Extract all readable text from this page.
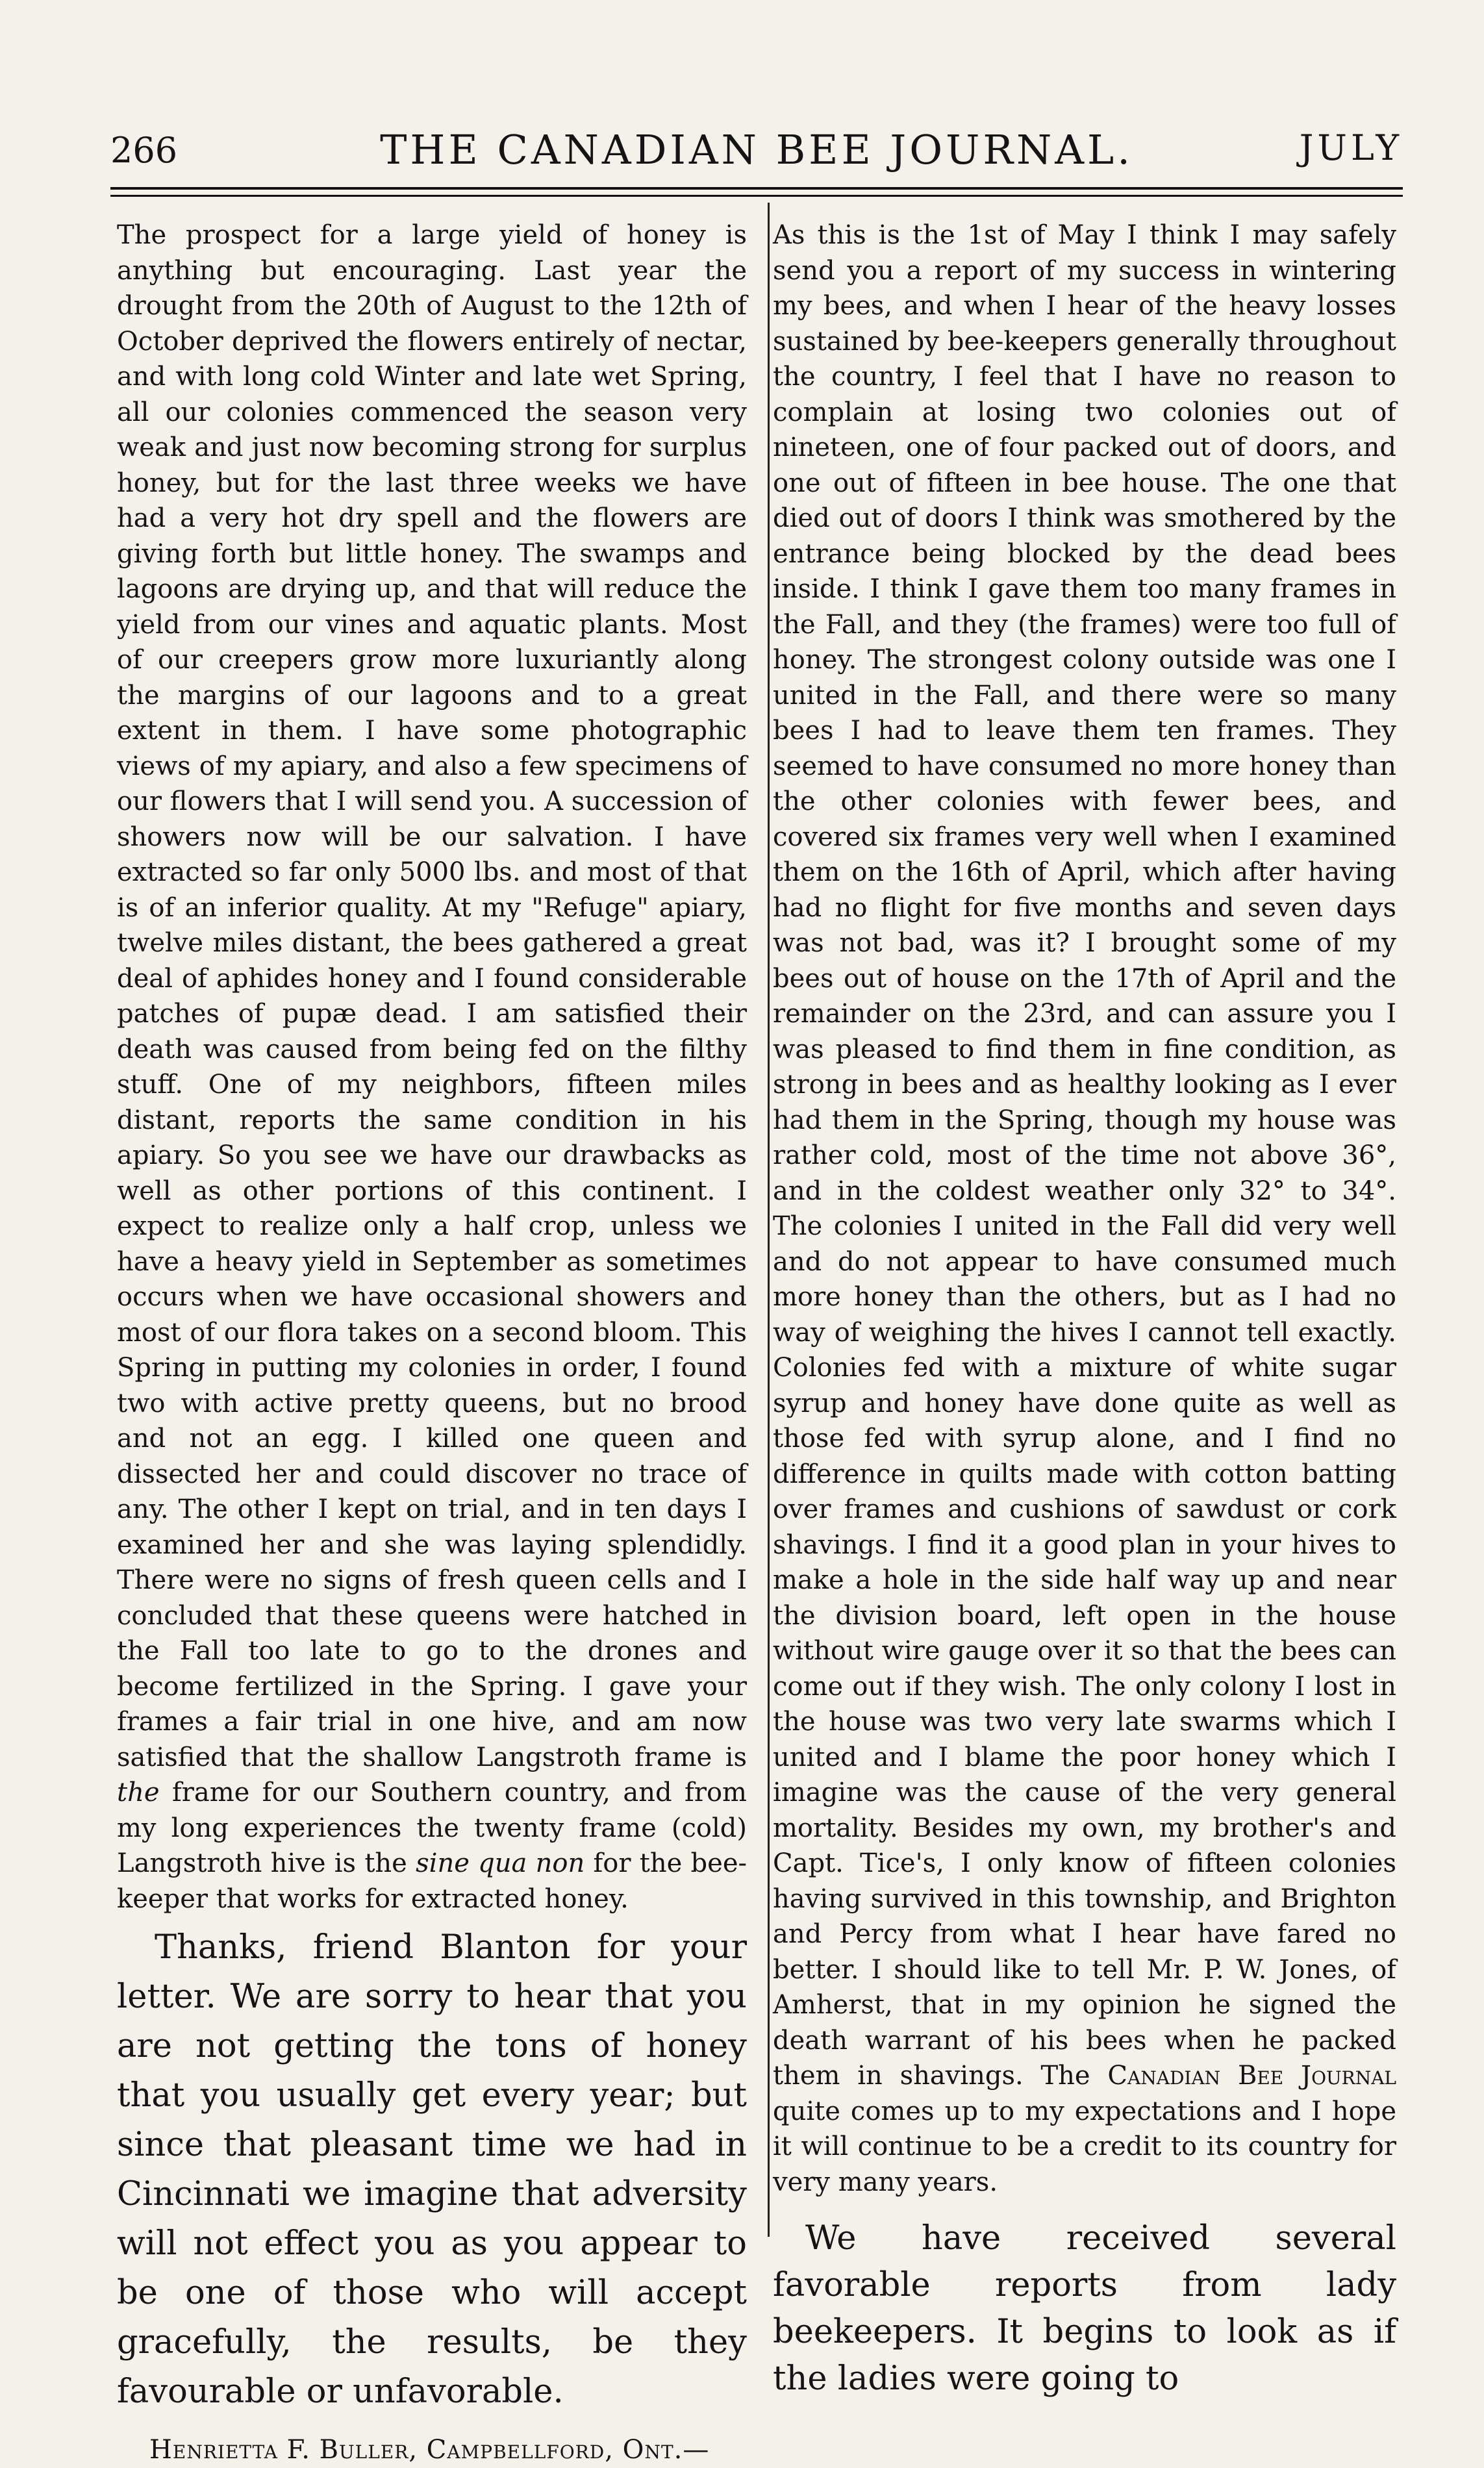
266	THE CANADIAN BEE JOURNAL.	JULY

The prospect for a large yield of honey is anything but encouraging. Last year the drought from the 20th of August to the 12th of October deprived the flowers entirely of nectar, and with long cold Winter and late wet Spring, all our colonies commenced the season very weak and just now becoming strong for surplus honey, but for the last three weeks we have had a very hot dry spell and the flowers are giving forth but little honey. The swamps and lagoons are drying up, and that will reduce the yield from our vines and aquatic plants. Most of our creepers grow more luxuriantly along the margins of our lagoons and to a great extent in them. I have some photographic views of my apiary, and also a few specimens of our flowers that I will send you. A succession of showers now will be our salvation. I have extracted so far only 5000 lbs. and most of that is of an inferior quality. At my "Refuge" apiary, twelve miles distant, the bees gathered a great deal of aphides honey and I found considerable patches of pupæ dead. I am satisfied their death was caused from being fed on the filthy stuff. One of my neighbors, fifteen miles distant, reports the same condition in his apiary. So you see we have our drawbacks as well as other portions of this continent. I expect to realize only a half crop, unless we have a heavy yield in September as sometimes occurs when we have occasional showers and most of our flora takes on a second bloom. This Spring in putting my colonies in order, I found two with active pretty queens, but no brood and not an egg. I killed one queen and dissected her and could discover no trace of any. The other I kept on trial, and in ten days I examined her and she was laying splendidly. There were no signs of fresh queen cells and I concluded that these queens were hatched in the Fall too late to go to the drones and become fertilized in the Spring. I gave your frames a fair trial in one hive, and am now satisfied that the shallow Langstroth frame is the frame for our Southern country, and from my long experiences the twenty frame (cold) Langstroth hive is the sine qua non for the bee-keeper that works for extracted honey.

Thanks, friend Blanton for your letter. We are sorry to hear that you are not getting the tons of honey that you usually get every year; but since that pleasant time we had in Cincinnati we imagine that adversity will not effect you as you appear to be one of those who will accept gracefully, the results, be they favourable or unfavorable.

Henrietta F. Buller, Campbellford, Ont.—

As this is the 1st of May I think I may safely send you a report of my success in wintering my bees, and when I hear of the heavy losses sustained by bee-keepers generally throughout the country, I feel that I have no reason to complain at losing two colonies out of nineteen, one of four packed out of doors, and one out of fifteen in bee house. The one that died out of doors I think was smothered by the entrance being blocked by the dead bees inside. I think I gave them too many frames in the Fall, and they (the frames) were too full of honey. The strongest colony outside was one I united in the Fall, and there were so many bees I had to leave them ten frames. They seemed to have consumed no more honey than the other colonies with fewer bees, and covered six frames very well when I examined them on the 16th of April, which after having had no flight for five months and seven days was not bad, was it? I brought some of my bees out of house on the 17th of April and the remainder on the 23rd, and can assure you I was pleased to find them in fine condition, as strong in bees and as healthy looking as I ever had them in the Spring, though my house was rather cold, most of the time not above 36°, and in the coldest weather only 32° to 34°. The colonies I united in the Fall did very well and do not appear to have consumed much more honey than the others, but as I had no way of weighing the hives I cannot tell exactly. Colonies fed with a mixture of white sugar syrup and honey have done quite as well as those fed with syrup alone, and I find no difference in quilts made with cotton batting over frames and cushions of sawdust or cork shavings. I find it a good plan in your hives to make a hole in the side half way up and near the division board, left open in the house without wire gauge over it so that the bees can come out if they wish. The only colony I lost in the house was two very late swarms which I united and I blame the poor honey which I imagine was the cause of the very general mortality. Besides my own, my brother's and Capt. Tice's, I only know of fifteen colonies having survived in this township, and Brighton and Percy from what I hear have fared no better. I should like to tell Mr. P. W. Jones, of Amherst, that in my opinion he signed the death warrant of his bees when he packed them in shavings. The Canadian Bee Journal quite comes up to my expectations and I hope it will continue to be a credit to its country for very many years.

We have received several favorable reports from lady beekeepers. It begins to look as if the ladies were going to
